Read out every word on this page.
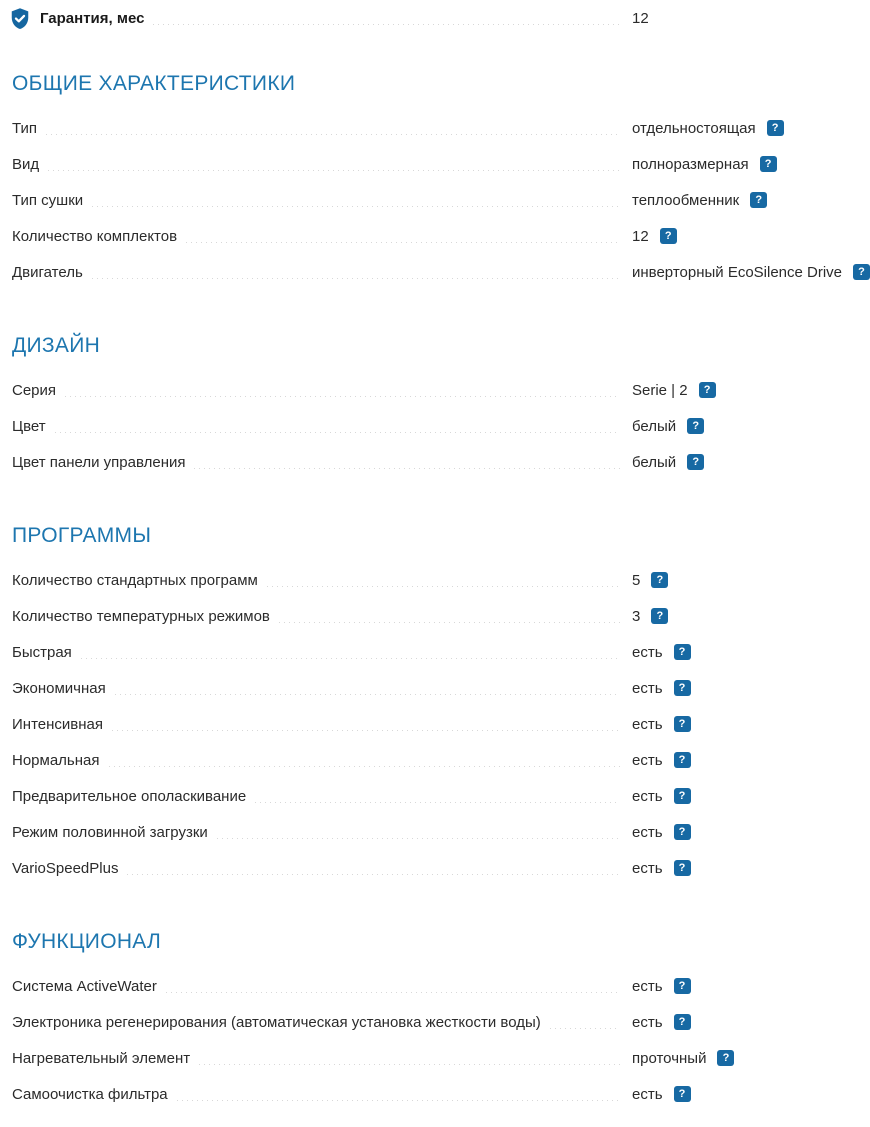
Гарантия, мес	12
ОБЩИЕ ХАРАКТЕРИСТИКИ
Тип	отдельностоящая	?
Вид	полноразмерная	?
Тип сушки	теплообменник	?
Количество комплектов	12	?
Двигатель	инверторный EcoSilence Drive	?
ДИЗАЙН
Серия	Serie | 2	?
Цвет	белый	?
Цвет панели управления	белый	?
ПРОГРАММЫ
Количество стандартных программ	5	?
Количество температурных режимов	3	?
Быстрая	есть	?
Экономичная	есть	?
Интенсивная	есть	?
Нормальная	есть	?
Предварительное ополаскивание	есть	?
Режим половинной загрузки	есть	?
VarioSpeedPlus	есть	?
ФУНКЦИОНАЛ
Система ActiveWater	есть	?
Электроника регенерирования (автоматическая установка жесткости воды)	есть	?
Нагревательный элемент	проточный	?
Самоочистка фильтра	есть	?
